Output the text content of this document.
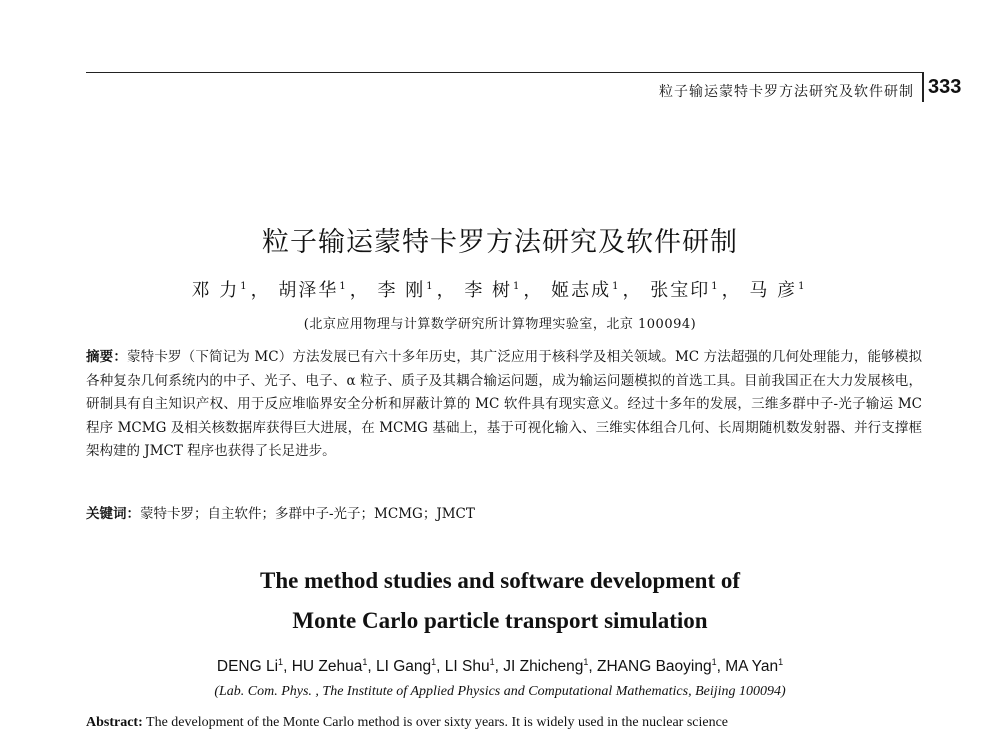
粒子输运蒙特卡罗方法研究及软件研制 333
粒子输运蒙特卡罗方法研究及软件研制
邓 力$^1$ ， 胡泽华$^1$ ， 李 刚$^1$ ， 李 树$^1$ ， 姬志成$^1$ ， 张宝印$^1$ ， 马 彦$^1$
(北京应用物理与计算数学研究所计算物理实验室，北京 100094)
摘要：蒙特卡罗（下简记为 MC）方法发展已有六十多年历史，其广泛应用于核科学及相关领域。MC 方法超强的几何处理能力，能够模拟各种复杂几何系统内的中子、光子、电子、α 粒子、质子及其耦合输运问题，成为输运问题模拟的首选工具。目前我国正在大力发展核电，研制具有自主知识产权、用于反应堆临界安全分析和屏蔽计算的 MC 软件具有现实意义。经过十多年的发展，三维多群中子-光子输运 MC 程序 MCMG 及相关核数据库获得巨大进展，在 MCMG 基础上，基于可视化输入、三维实体组合几何、长周期随机数发射器、并行支撑框架构建的 JMCT 程序也获得了长足进步。
关键词：蒙特卡罗；自主软件；多群中子-光子；MCMG；JMCT
The method studies and software development of
Monte Carlo particle transport simulation
DENG Li$^1$, HU Zehua$^1$, LI Gang$^1$, LI Shu$^1$, JI Zhicheng$^1$, ZHANG Baoying$^1$, MA Yan$^1$
(Lab. Com. Phys. , The Institute of Applied Physics and Computational Mathematics, Beijing 100094)
Abstract: The development of the Monte Carlo method is over sixty years. It is widely used in the nuclear science
